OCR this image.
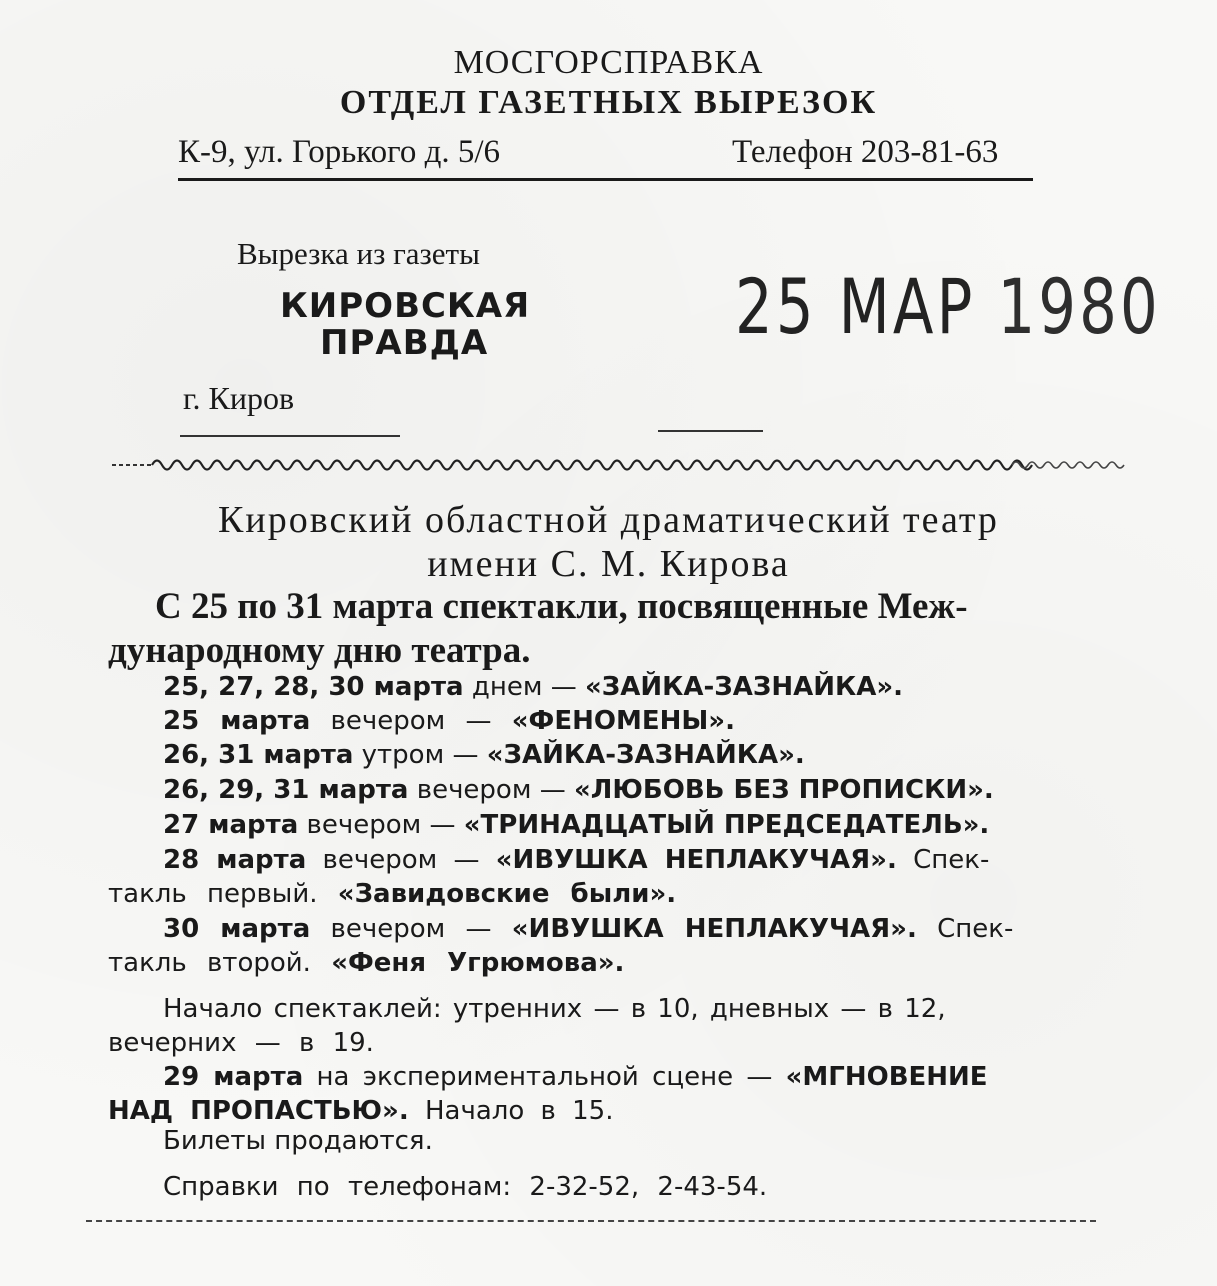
МОСГОРСПРАВКА
ОТДЕЛ ГАЗЕТНЫХ ВЫРЕЗОК
К-9, ул. Горького д. 5/6	Телефон 203-81-63
Вырезка из газеты
КИРОВСКАЯ
ПРАВДА
г. Киров
25 МАР 1980
Кировский областной драматический театр
имени С. М. Кирова
С 25 по 31 марта спектакли, посвященные Меж-
дународному дню театра.
25, 27, 28, 30 марта днем — «ЗАЙКА-ЗАЗНАЙКА».
25 марта вечером — «ФЕНОМЕНЫ».
26, 31 марта утром — «ЗАЙКА-ЗАЗНАЙКА».
26, 29, 31 марта вечером — «ЛЮБОВЬ БЕЗ ПРОПИСКИ».
27 марта вечером — «ТРИНАДЦАТЫЙ ПРЕДСЕДАТЕЛЬ».
28 марта вечером — «ИВУШКА НЕПЛАКУЧАЯ». Спек-
такль первый. «Завидовские были».
30 марта вечером — «ИВУШКА НЕПЛАКУЧАЯ». Спек-
такль второй. «Феня Угрюмова».
Начало спектаклей: утренних — в 10, дневных — в 12,
вечерних — в 19.
29 марта на экспериментальной сцене — «МГНОВЕНИЕ
НАД ПРОПАСТЬЮ». Начало в 15.
Билеты продаются.
Справки по телефонам: 2-32-52, 2-43-54.
